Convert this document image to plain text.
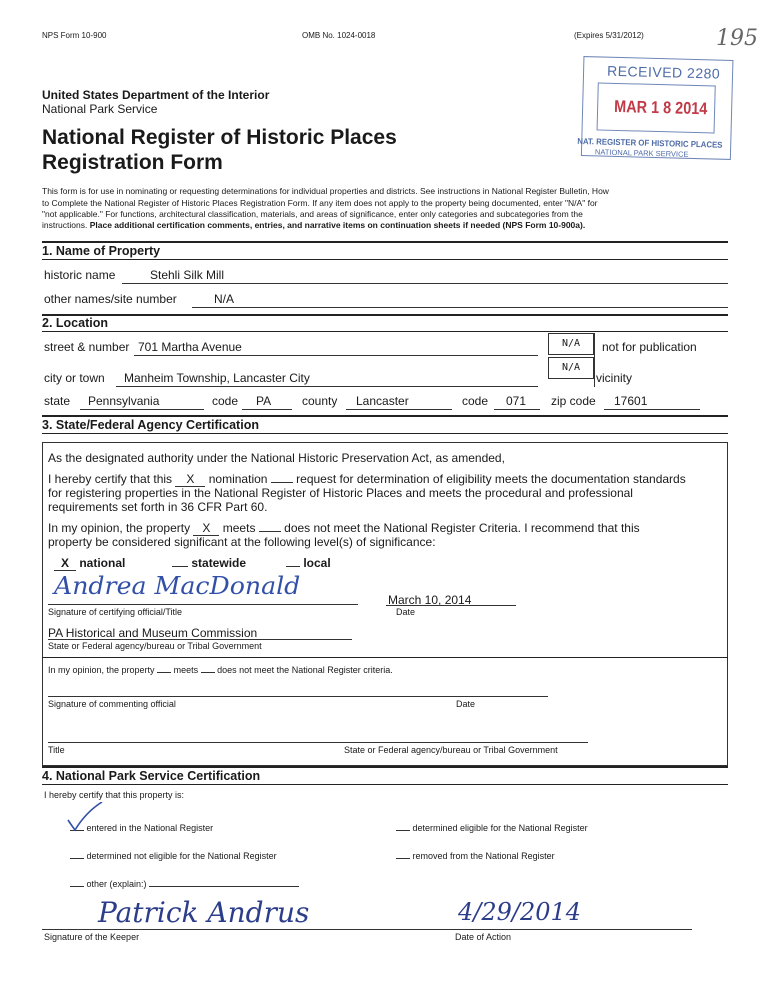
NPS Form 10-900	OMB No. 1024-0018	(Expires 5/31/2012)	195
RECEIVED 2280
MAR 1 8 2014
NAT. REGISTER OF HISTORIC PLACES
NATIONAL PARK SERVICE
United States Department of the Interior
National Park Service
National Register of Historic Places
Registration Form
This form is for use in nominating or requesting determinations for individual properties and districts. See instructions in National Register Bulletin, How
to Complete the National Register of Historic Places Registration Form. If any item does not apply to the property being documented, enter "N/A" for
"not applicable." For functions, architectural classification, materials, and areas of significance, enter only categories and subcategories from the
instructions. Place additional certification comments, entries, and narrative items on continuation sheets if needed (NPS Form 10-900a).
1. Name of Property
historic name	Stehli Silk Mill
other names/site number	N/A
2. Location
street & number 701 Martha Avenue	N/A	not for publication
city or town Manheim Township, Lancaster City
N/A
vicinity
state Pennsylvania	code PA	county Lancaster	code 071 zip code 17601
3. State/Federal Agency Certification
As the designated authority under the National Historic Preservation Act, as amended,
I hereby certify that this X nomination request for determination of eligibility meets the documentation standards
for registering properties in the National Register of Historic Places and meets the procedural and professional
requirements set forth in 36 CFR Part 60.
In my opinion, the property X meets does not meet the National Register Criteria. I recommend that this
property be considered significant at the following level(s) of significance:
X national	statewide	local
Andrea MacDonald	March 10, 2014
Signature of certifying official/Title	Date
PA Historical and Museum Commission
State or Federal agency/bureau or Tribal Government
In my opinion, the property meets does not meet the National Register criteria.
Signature of commenting official	Date
Title	State or Federal agency/bureau or Tribal Government
4. National Park Service Certification
I hereby certify that this property is:
entered in the National Register	determined eligible for the National Register
determined not eligible for the National Register	removed from the National Register
other (explain:)
Patrick Andrus	4/29/2014
Signature of the Keeper	Date of Action
